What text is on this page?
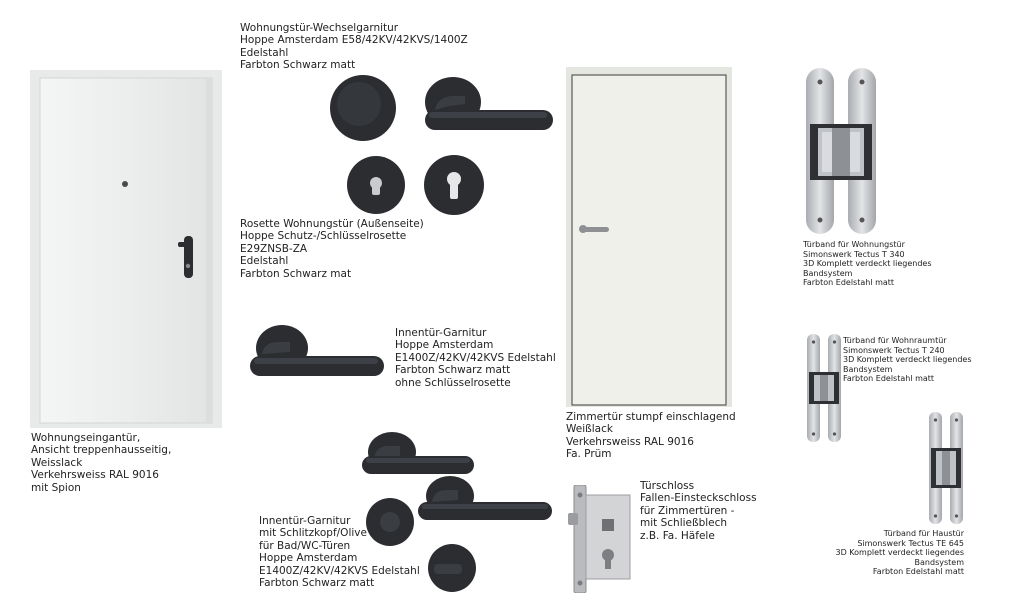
Wohnungseingantür,
Ansicht treppenhausseitig,
Weisslack
Verkehrsweiss RAL 9016
mit Spion
Wohnungstür-Wechselgarnitur
Hoppe Amsterdam E58/42KV/42KVS/1400Z
Edelstahl
Farbton Schwarz matt
Rosette Wohnungstür (Außenseite)
Hoppe Schutz-/Schlüsselrosette
E29ZNSB-ZA
Edelstahl
Farbton Schwarz mat
Innentür-Garnitur
Hoppe Amsterdam
E1400Z/42KV/42KVS Edelstahl
Farbton Schwarz matt
ohne Schlüsselrosette
Innentür-Garnitur
mit Schlitzkopf/Olive
für Bad/WC-Türen
Hoppe Amsterdam
E1400Z/42KV/42KVS Edelstahl
Farbton Schwarz matt
Zimmertür stumpf einschlagend
Weißlack
Verkehrsweiss RAL 9016
Fa. Prüm
Türschloss
Fallen-Einsteckschloss
für Zimmertüren -
mit Schließblech
z.B. Fa. Häfele
Türband für Wohnungstür
Simonswerk Tectus T 340
3D Komplett verdeckt liegendes
Bandsystem
Farbton Edelstahl matt
Türband für Wohnraumtür
Simonswerk Tectus T 240
3D Komplett verdeckt liegendes
Bandsystem
Farbton Edelstahl matt
Türband für Haustür
Simonswerk Tectus TE 645
3D Komplett verdeckt liegendes
Bandsystem
Farbton Edelstahl matt
